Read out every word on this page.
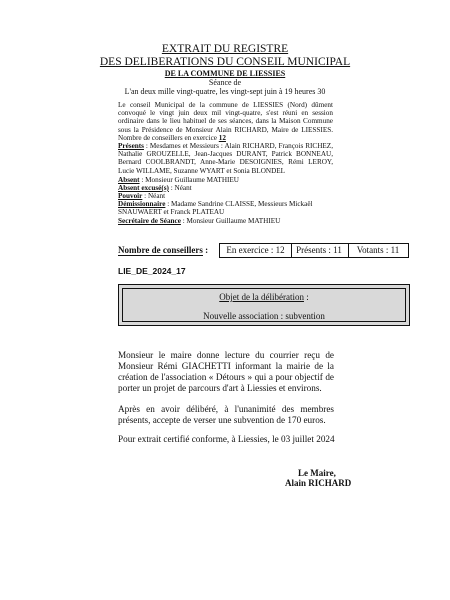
EXTRAIT DU REGISTRE
DES DELIBERATIONS DU CONSEIL MUNICIPAL
DE LA COMMUNE DE LIESSIES
Séance de
L'an deux mille vingt-quatre, les vingt-sept juin à 19 heures 30
Le conseil Municipal de la commune de LIESSIES (Nord) dûment convoqué le vingt juin deux mil vingt-quatre, s'est réuni en session ordinaire dans le lieu habituel de ses séances, dans la Maison Commune sous la Présidence de Monsieur Alain RICHARD, Maire de LIESSIES. Nombre de conseillers en exercice 12
Présents : Mesdames et Messieurs : Alain RICHARD, François RICHEZ, Nathalie GROUZELLE, Jean-Jacques DURANT, Patrick BONNEAU, Bernard COOLBRANDT, Anne-Marie DESOIGNIES, Rémi LEROY, Lucie WILLAME, Suzanne WYART et Sonia BLONDEL
Absent : Monsieur Guillaume MATHIEU
Absent excusé(s) : Néant
Pouvoir : Néant
Démissionnaire : Madame Sandrine CLAISSE, Messieurs Mickaël SNAUWAERT et Franck PLATEAU
Secrétaire de Séance : Monsieur Guillaume MATHIEU
Nombre de conseillers :	En exercice : 12	Présents : 11	Votants : 11
LIE_DE_2024_17
Objet de la délibération :
Nouvelle association : subvention
Monsieur le maire donne lecture du courrier reçu de Monsieur Rémi GIACHETTI informant la mairie de la création de l'association « Détours » qui a pour objectif de porter un projet de parcours d'art à Liessies et environs.
Après en avoir délibéré, à l'unanimité des membres présents, accepte de verser une subvention de 170 euros.
Pour extrait certifié conforme, à Liessies, le 03 juillet 2024
Le Maire,
Alain RICHARD
